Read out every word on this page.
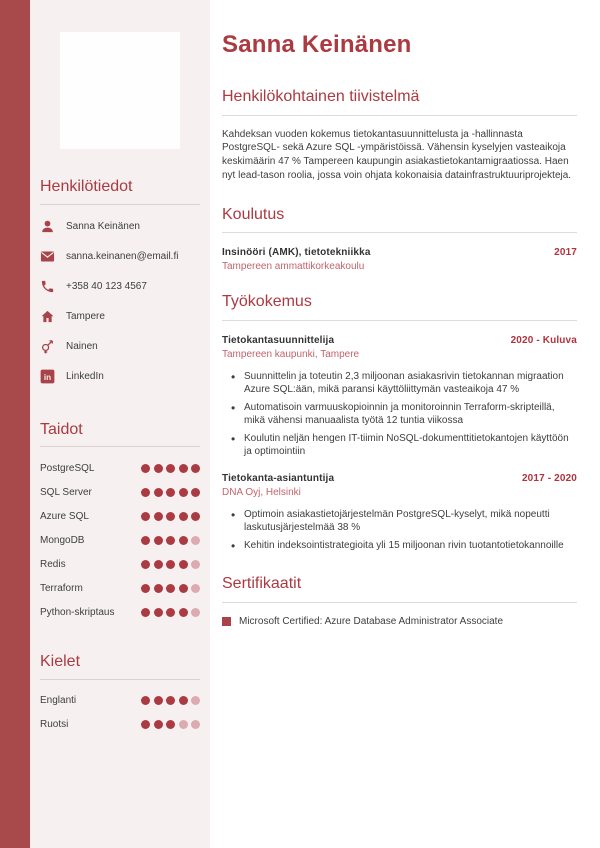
Henkilötiedot
Sanna Keinänen
sanna.keinanen@email.fi
+358 40 123 4567
Tampere
Nainen
in LinkedIn
Taidot
PostgreSQL
SQL Server
Azure SQL
MongoDB
Redis
Terraform
Python-skriptaus
Kielet
Englanti
Ruotsi
Sanna Keinänen
Henkilökohtainen tiivistelmä

Kahdeksan vuoden kokemus tietokantasuunnittelusta ja -hallinnasta PostgreSQL- sekä Azure SQL -ympäristöissä. Vähensin kyselyjen vasteaikoja keskimäärin 47 % Tampereen kaupungin asiakastietokantamigraatiossa. Haen nyt lead-tason roolia, jossa voin ohjata kokonaisia datainfrastruktuuriprojekteja.

Koulutus
Insinööri (AMK), tietotekniikka	2017
Tampereen ammattikorkeakoulu
Työkokemus
Tietokantasuunnittelija	2020 - Kuluva
Tampereen kaupunki, Tampere
• Suunnittelin ja toteutin 2,3 miljoonan asiakasrivin tietokannan migraation Azure SQL:ään, mikä paransi käyttöliittymän vasteaikoja 47 %
• Automatisoin varmuuskopioinnin ja monitoroinnin Terraform-skripteillä, mikä vähensi manuaalista työtä 12 tuntia viikossa
• Koulutin neljän hengen IT-tiimin NoSQL-dokumenttitietokantojen käyttöön ja optimointiin
Tietokanta-asiantuntija	2017 - 2020
DNA Oyj, Helsinki
• Optimoin asiakastietojärjestelmän PostgreSQL-kyselyt, mikä nopeutti laskutusjärjestelmää 38 %
• Kehitin indeksointistrategioita yli 15 miljoonan rivin tuotantotietokannoille
Sertifikaatit
Microsoft Certified: Azure Database Administrator Associate
